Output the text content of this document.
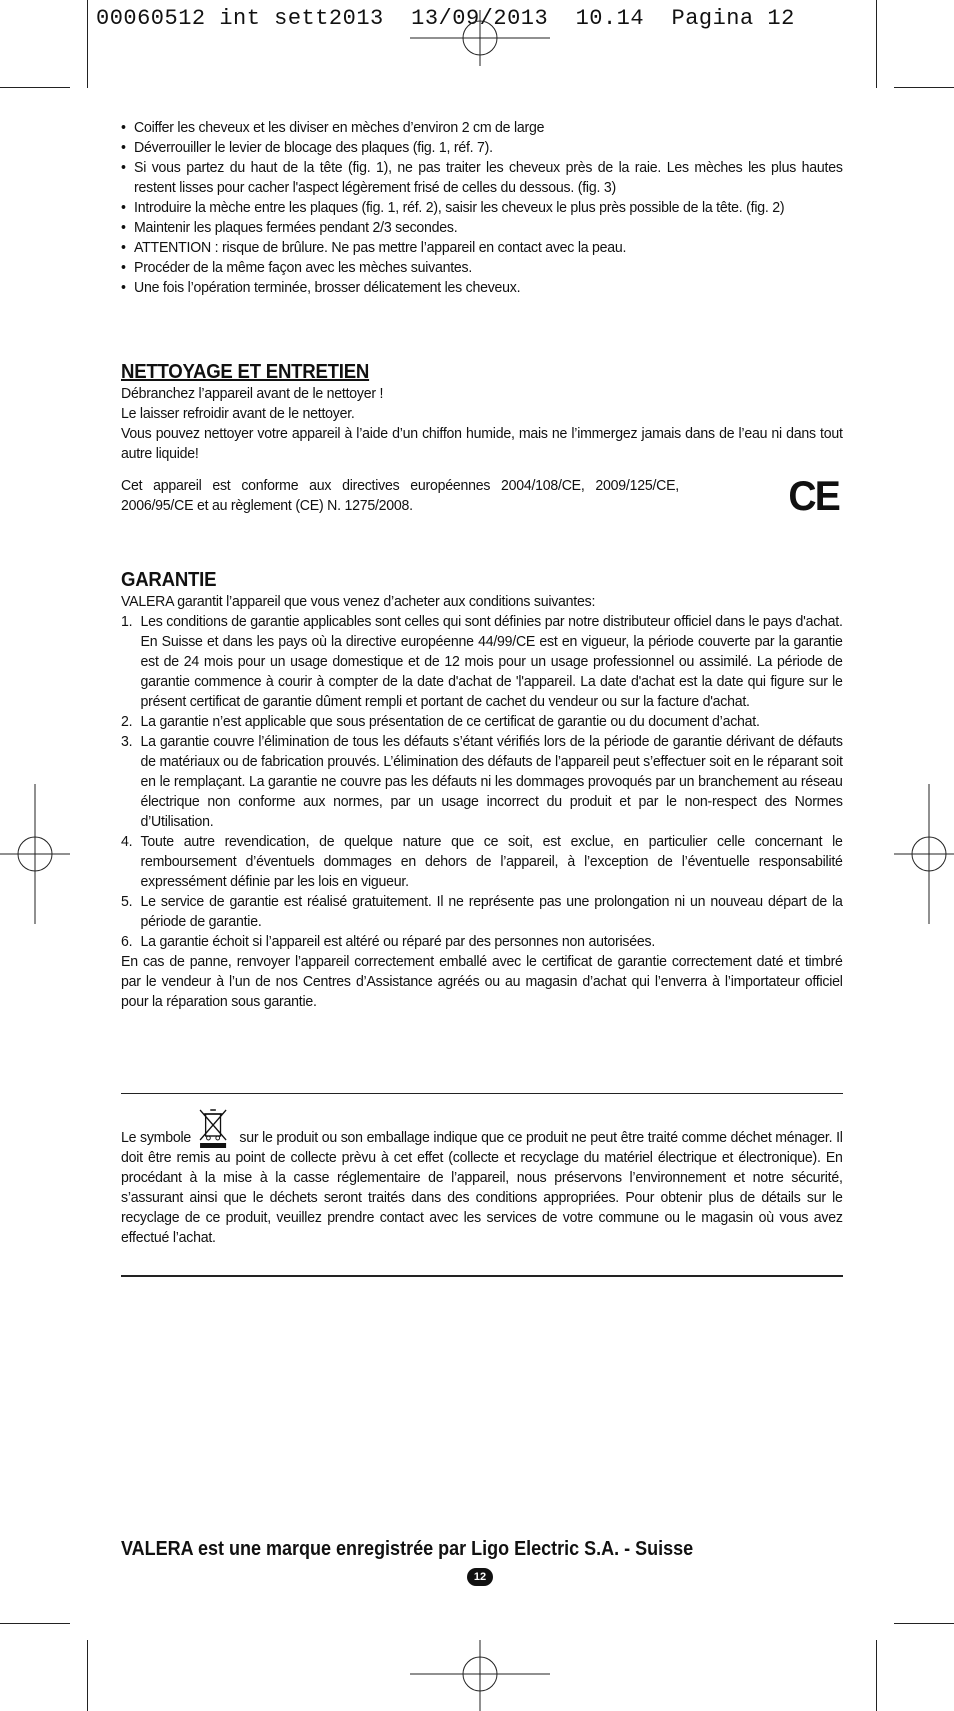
00060512 int sett2013  13/09/2013  10.14  Pagina 12
• Coiffer les cheveux et les diviser en mèches d’environ 2 cm de large
• Déverrouiller le levier de blocage des plaques (fig. 1, réf. 7).
• Si vous partez du haut de la tête (fig. 1), ne pas traiter les cheveux près de la raie. Les mèches les plus hautes restent lisses pour cacher l'aspect légèrement frisé de celles du dessous. (fig. 3)
• Introduire la mèche entre les plaques (fig. 1, réf. 2), saisir les cheveux le plus près possible de la tête. (fig. 2)
• Maintenir les plaques fermées pendant 2/3 secondes.
• ATTENTION : risque de brûlure. Ne pas mettre l’appareil en contact avec la peau.
• Procéder de la même façon avec les mèches suivantes.
• Une fois l’opération terminée, brosser délicatement les cheveux.
NETTOYAGE ET ENTRETIEN

Débranchez l’appareil avant de le nettoyer !

Le laisser refroidir avant de le nettoyer.

Vous pouvez nettoyer votre appareil à l’aide d’un chiffon humide, mais ne l’immergez jamais dans de l’eau ni dans tout autre liquide!

Cet appareil est conforme aux directives européennes 2004/108/CE, 2009/125/CE, 2006/95/CE et au règlement (CE) N. 1275/2008.	CE
GARANTIE

VALERA garantit l’appareil que vous venez d’acheter aux conditions suivantes:

1. Les conditions de garantie applicables sont celles qui sont définies par notre distributeur officiel dans le pays d'achat. En Suisse et dans les pays où la directive européenne 44/99/CE est en vigueur, la période couverte par la garantie est de 24 mois pour un usage domestique et de 12 mois pour un usage professionnel ou assimilé. La période de garantie commence à courir à compter de la date d'achat de 'l'appareil. La date d'achat est la date qui figure sur le présent certificat de garantie dûment rempli et portant de cachet du vendeur ou sur la facture d'achat.
2. La garantie n’est applicable que sous présentation de ce certificat de garantie ou du document d’achat.
3. La garantie couvre l’élimination de tous les défauts s’étant vérifiés lors de la période de garantie dérivant de défauts de matériaux ou de fabrication prouvés. L’élimination des défauts de l’appareil peut s’effectuer soit en le réparant soit en le remplaçant. La garantie ne couvre pas les défauts ni les dommages provoqués par un branchement au réseau électrique non conforme aux normes, par un usage incorrect du produit et par le non-respect des Normes d’Utilisation.
4. Toute autre revendication, de quelque nature que ce soit, est exclue, en particulier celle concernant le remboursement d’éventuels dommages en dehors de l’appareil, à l’exception de l’éventuelle responsabilité expressément définie par les lois en vigueur.
5. Le service de garantie est réalisé gratuitement. Il ne représente pas une prolongation ni un nouveau départ de la période de garantie.
6. La garantie échoit si l’appareil est altéré ou réparé par des personnes non autorisées.

En cas de panne, renvoyer l’appareil correctement emballé avec le certificat de garantie correctement daté et timbré par le vendeur à l’un de nos Centres d’Assistance agréés ou au magasin d’achat qui l’enverra à l’importateur officiel pour la réparation sous garantie.

Le symbole	sur le produit ou son emballage indique que ce produit ne peut être traité comme déchet ménager. Il doit être remis au point de collecte prèvu à cet effet (collecte et recyclage du matériel électrique et électronique). En procédant à la mise à la casse réglementaire de l’appareil, nous préservons l’environnement et notre sécurité, s’assurant ainsi que le déchets seront traités dans des conditions appropriées. Pour obtenir plus de détails sur le recyclage de ce produit, veuillez prendre contact avec les services de votre commune ou le magasin où vous avez effectué l’achat.

VALERA est une marque enregistrée par Ligo Electric S.A. - Suisse
12
